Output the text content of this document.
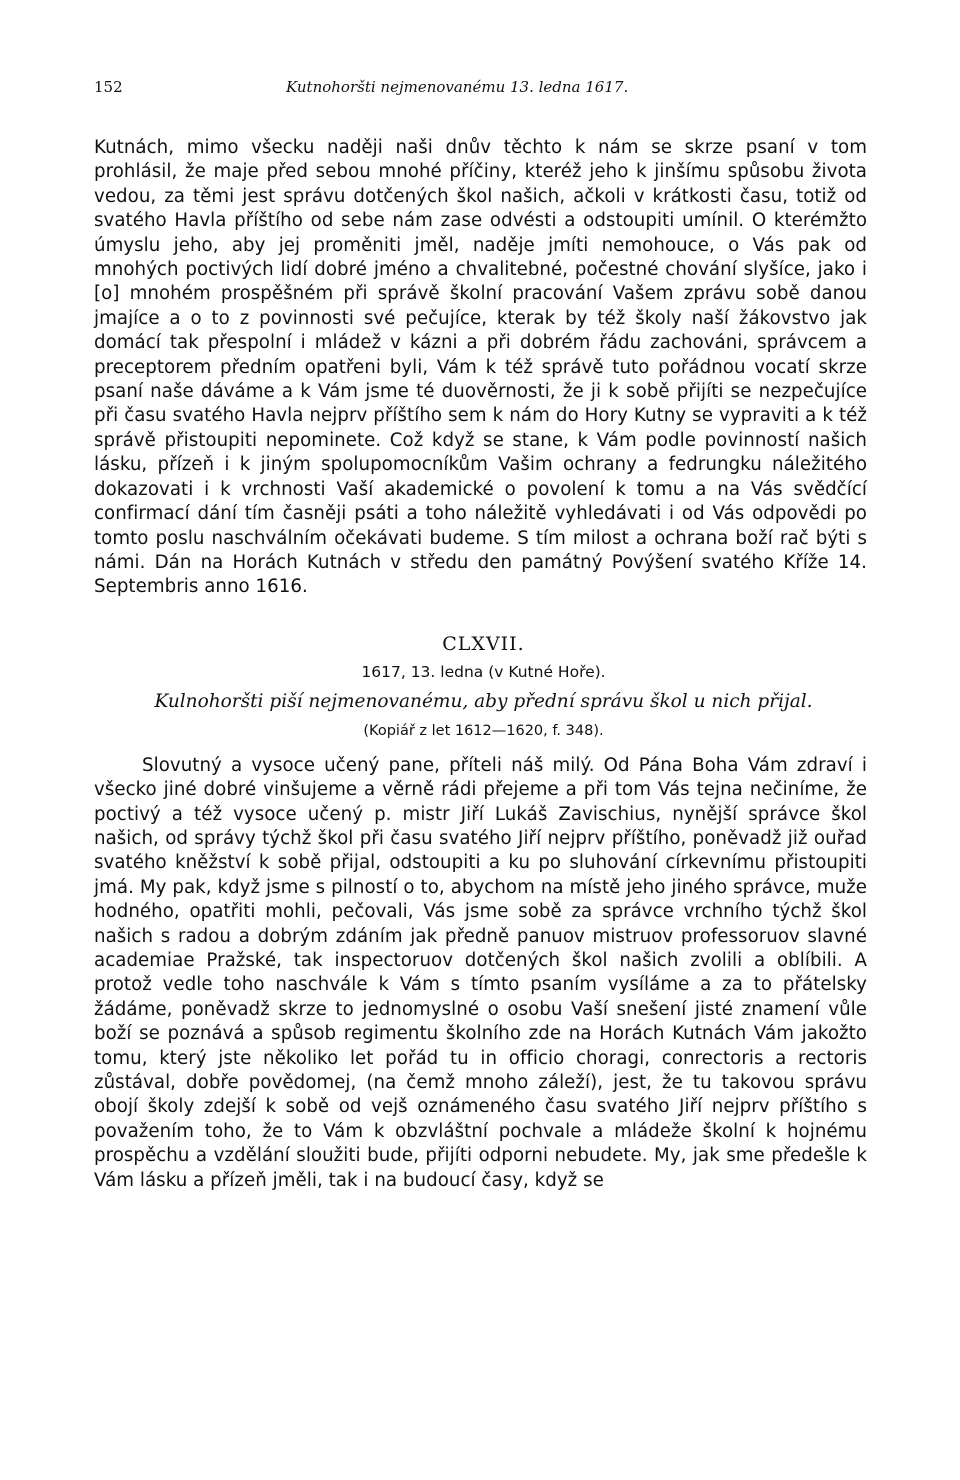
152	Kutnohoršti nejmenovanému 13. ledna 1617.

Kutnách, mimo všecku naději naši dnův těchto k nám se skrze psaní v tom prohlásil, že maje před sebou mnohé příčiny, kteréž jeho k jinšímu spůsobu života vedou, za těmi jest správu dotčených škol našich, ačkoli v krátkosti času, totiž od svatého Havla příštího od sebe nám zase odvésti a odstoupiti umínil. O kterémžto úmyslu jeho, aby jej proměniti jměl, naděje jmíti nemohouce, o Vás pak od mnohých poctivých lidí dobré jméno a chvalitebné, počestné chování slyšíce, jako i [o] mnohém prospěšném při správě školní pracování Vašem zprávu sobě danou jmajíce a o to z povinnosti své pečujíce, kterak by též školy naší žákovstvo jak domácí tak přespolní i mládež v kázni a při dobrém řádu zachováni, správcem a preceptorem předním opatřeni byli, Vám k též správě tuto pořádnou vocatí skrze psaní naše dáváme a k Vám jsme té duověrnosti, že ji k sobě přijíti se nezpečujíce při času svatého Havla nejprv příštího sem k nám do Hory Kutny se vypraviti a k též správě přistoupiti nepominete. Což když se stane, k Vám podle povinností našich lásku, přízeň i k jiným spolupomocníkům Vašim ochrany a fedrungku náležitého dokazovati i k vrchnosti Vaší akademické o povolení k tomu a na Vás svědčící confirmací dání tím časněji psáti a toho náležitě vyhledávati i od Vás odpovědi po tomto poslu naschválním očekávati budeme. S tím milost a ochrana boží rač býti s námi. Dán na Horách Kutnách v středu den památný Povýšení svatého Kříže 14. Septembris anno 1616.

CLXVII.
1617, 13. ledna (v Kutné Hoře).
Kulnohoršti piší nejmenovanému, aby přední správu škol u nich přijal.
(Kopiář z let 1612—1620, f. 348).

Slovutný a vysoce učený pane, příteli náš milý. Od Pána Boha Vám zdraví i všecko jiné dobré vinšujeme a věrně rádi přejeme a při tom Vás tejna nečiníme, že poctivý a též vysoce učený p. mistr Jiří Lukáš Zavischius, nynější správce škol našich, od správy týchž škol při času svatého Jiří nejprv příštího, poněvadž již ouřad svatého kněžství k sobě přijal, odstoupiti a ku po sluhování církevnímu přistoupiti jmá. My pak, když jsme s pilností o to, abychom na místě jeho jiného správce, muže hodného, opatřiti mohli, pečovali, Vás jsme sobě za správce vrchního týchž škol našich s radou a dobrým zdáním jak předně panuov mistruov professoruov slavné academiae Pražské, tak inspectoruov dotčených škol našich zvolili a oblíbili. A protož vedle toho naschvále k Vám s tímto psaním vysíláme a za to přátelsky žádáme, poněvadž skrze to jednomyslné o osobu Vaší snešení jisté znamení vůle boží se poznává a spůsob regimentu školního zde na Horách Kutnách Vám jakožto tomu, který jste několiko let pořád tu in officio choragi, conrectoris a rectoris zůstával, dobře povědomej, (na čemž mnoho záleží), jest, že tu takovou správu obojí školy zdejší k sobě od vejš oznámeného času svatého Jiří nejprv příštího s považením toho, že to Vám k obzvláštní pochvale a mládeže školní k hojnému prospěchu a vzdělání sloužiti bude, přijíti odporni nebudete. My, jak sme předešle k Vám lásku a přízeň jměli, tak i na budoucí časy, když se
